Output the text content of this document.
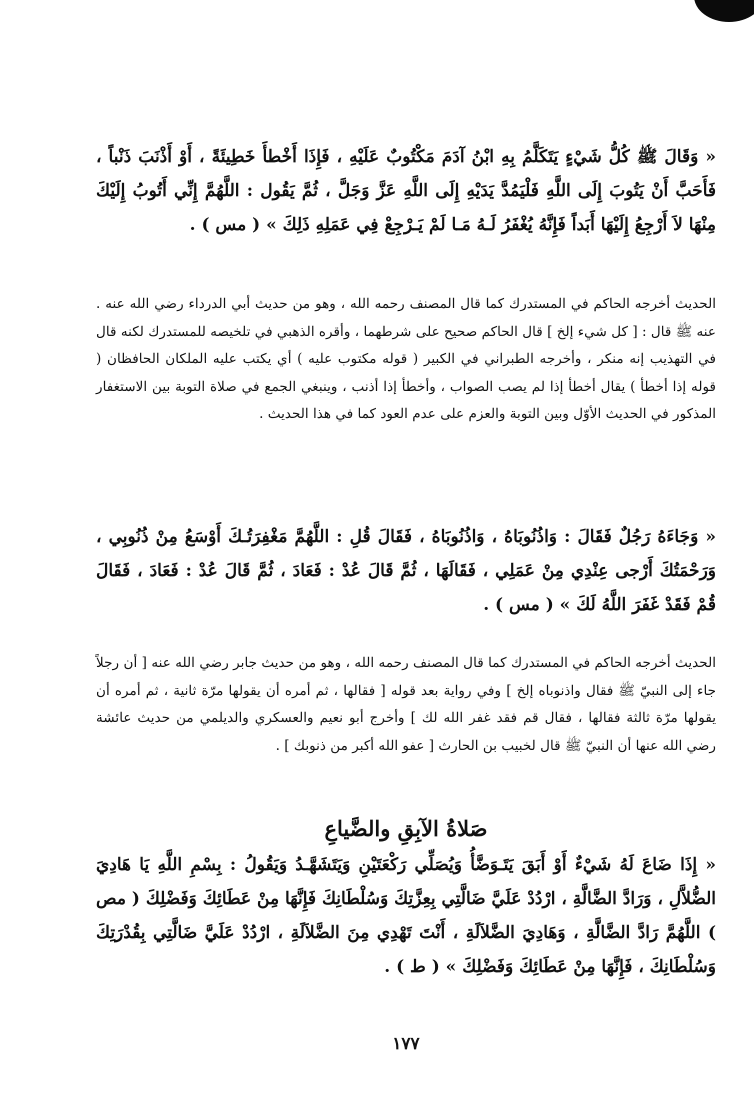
« وَقَالَ ﷺ كُلُّ شَيْءٍ يَتَكَلَّمُ بِهِ ابْنُ آدَمَ مَكْتُوبٌ عَلَيْهِ ، فَإِذَا أَخْطأَ خَطِيئَةً ، أَوْ أَذْنَبَ ذَنْباً ، فَأَحَبَّ أَنْ يَتُوبَ إِلَى اللَّهِ فَلْيَمُدَّ يَدَيْهِ إِلَى اللَّهِ عَزَّ وَجَلَّ ، ثُمَّ يَقُول : اللَّهُمَّ إِنِّي أَتُوبُ إِلَيْكَ مِنْهَا لاَ أَرْجِعُ إِلَيْهَا أَبَداً فَإِنَّهُ يُغْفَرُ لَـهُ مَـا لَمْ يَـرْجِعْ فِي عَمَلِهِ ذَلِكَ » ( مس ) .

الحديث أخرجه الحاكم في المستدرك كما قال المصنف رحمه الله ، وهو من حديث أبي الدرداء رضي الله عنه . عنه ﷺ قال : [ كل شيء إلخ ] قال الحاكم صحيح على شرطهما ، وأقره الذهبي في تلخيصه للمستدرك لكنه قال في التهذيب إنه منكر ، وأخرجه الطبراني في الكبير ( قوله مكتوب عليه ) أي يكتب عليه الملكان الحافظان ( قوله إذا أخطأ ) يقال أخطأ إذا لم يصب الصواب ، وأخطأ إذا أذنب ، وينبغي الجمع في صلاة التوبة بين الاستغفار المذكور في الحديث الأوّل وبين التوبة والعزم على عدم العود كما في هذا الحديث .

« وَجَاءَهُ رَجُلٌ فَقَالَ : وَاذُنُوبَاهُ ، وَاذُنُوبَاهُ ، فَقَالَ قُلِ : اللَّهُمَّ مَغْفِرَتُـكَ أَوْسَعُ مِنْ ذُنُوبِي ، وَرَحْمَتُكَ أَرْجى عِنْدِي مِنْ عَمَلِي ، فَقَالَهَا ، ثُمَّ قَالَ عُدْ : فَعَادَ ، ثُمَّ قَالَ عُدْ : فَعَادَ ، فَقَالَ قُمْ فَقَدْ غَفَرَ اللَّهُ لَكَ » ( مس ) .

الحديث أخرجه الحاكم في المستدرك كما قال المصنف رحمه الله ، وهو من حديث جابر رضي الله عنه [ أن رجلاً جاء إلى النبيّ ﷺ فقال واذنوباه إلخ ] وفي رواية بعد قوله [ فقالها ، ثم أمره أن يقولها مرّة ثانية ، ثم أمره أن يقولها مرّة ثالثة فقالها ، فقال قم فقد غفر الله لك ] وأخرج أبو نعيم والعسكري والديلمي من حديث عائشة رضي الله عنها أن النبيّ ﷺ قال لخبيب بن الحارث [ عفو الله أكبر من ذنوبك ] .

صَلاةُ الآبِقِ والضَّياعِ

« إِذَا ضَاعَ لَهُ شَيْءٌ أَوْ أَبَقَ يَتَـوَضَّأُ وَيُصَلِّي رَكْعَتَيْنِ وَيَتَشَهَّـدُ وَيَقُولُ : بِسْمِ اللَّهِ يَا هَادِيَ الضُّلاَّلِ ، وَرَادَّ الضَّالَّةِ ، ارْدُدْ عَلَيَّ ضَالَّتِي بِعِزَّتِكَ وَسُلْطَانِكَ فَإِنَّهَا مِنْ عَطَائِكَ وَفَضْلِكَ ( مص ) اللَّهُمَّ رَادَّ الضَّالَّةِ ، وَهَادِيَ الضَّلاَلَةِ ، أَنْتَ تَهْدِي مِنَ الضَّلاَلَةِ ، ارْدُدْ عَلَيَّ ضَالَّتِي بِقُدْرَتِكَ وَسُلْطَانِكَ ، فَإِنَّهَا مِنْ عَطَائِكَ وَفَضْلِكَ » ( ط ) .

١٧٧
